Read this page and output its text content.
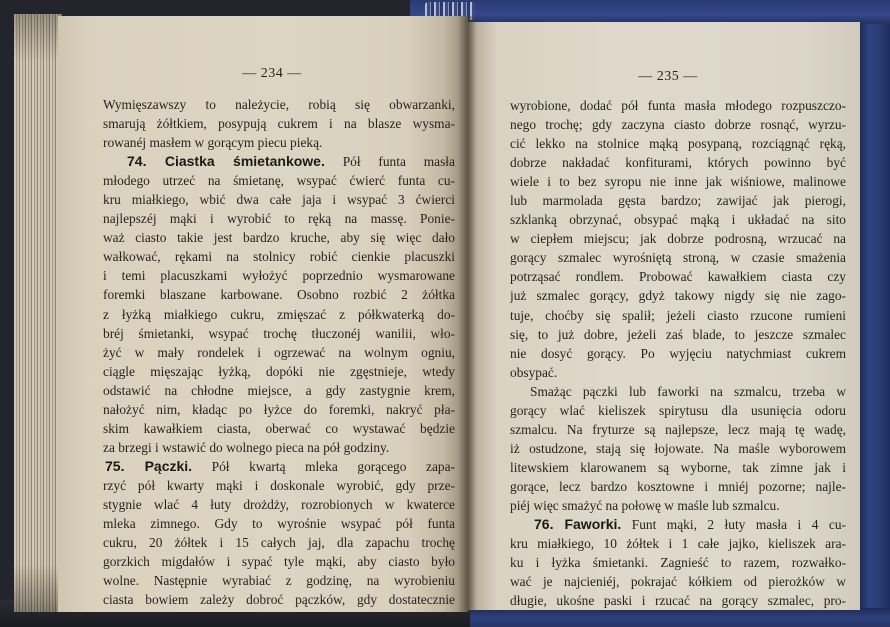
— 234 —	— 235 —
Wymięszawszy to należycie, robią się obwarzanki,
smarują żółtkiem, posypują cukrem i na blasze wysma-
rowanéj masłem w gorącym piecu pieką.
74. Ciastka śmietankowe. Pół funta masła
młodego utrzeć na śmietanę, wsypać ćwierć funta cu-
kru miałkiego, wbić dwa całe jaja i wsypać 3 ćwierci
najlepszéj mąki i wyrobić to ręką na massę. Ponie-
waż ciasto takie jest bardzo kruche, aby się więc dało
wałkować, rękami na stolnicy robić cienkie placuszki
i temi placuszkami wyłożyć poprzednio wysmarowane
foremki blaszane karbowane. Osobno rozbić 2 żółtka
z łyżką miałkiego cukru, zmięszać z półkwaterką do-
bréj śmietanki, wsypać trochę tłuczonéj wanilii, wło-
żyć w mały rondelek i ogrzewać na wolnym ogniu,
ciągle mięszając łyżką, dopóki nie zgęstnieje, wtedy
odstawić na chłodne miejsce, a gdy zastygnie krem,
nałożyć nim, kładąc po łyżce do foremki, nakryć pła-
skim kawałkiem ciasta, oberwać co wystawać będzie
za brzegi i wstawić do wolnego pieca na pół godziny.
75. Pączki. Pół kwartą mleka gorącego zapa-
rzyć pół kwarty mąki i doskonale wyrobić, gdy prze-
stygnie wlać 4 łuty drożdży, rozrobionych w kwaterce
mleka zimnego. Gdy to wyrośnie wsypać pół funta
cukru, 20 żółtek i 15 całych jaj, dla zapachu trochę
gorzkich migdałów i sypać tyle mąki, aby ciasto było
wolne. Następnie wyrabiać z godzinę, na wyrobieniu
ciasta bowiem zależy dobroć pączków, gdy dostatecznie
wyrobione, dodać pół funta masła młodego rozpuszczo-
nego trochę; gdy zaczyna ciasto dobrze rosnąć, wyrzu-
cić lekko na stolnice mąką posypaną, rozciągnąć ręką,
dobrze nakładać konfiturami, których powinno być
wiele i to bez syropu nie inne jak wiśniowe, malinowe
lub marmolada gęsta bardzo; zawijać jak pierogi,
szklanką obrzynać, obsypać mąką i układać na sito
w ciepłem miejscu; jak dobrze podrosną, wrzucać na
gorący szmalec wyrośniętą stroną, w czasie smażenia
potrząsać rondlem. Probować kawałkiem ciasta czy
już szmalec gorący, gdyż takowy nigdy się nie zago-
tuje, choćby się spalił; jeżeli ciasto rzucone rumieni
się, to już dobre, jeżeli zaś blade, to jeszcze szmalec
nie dosyć gorący. Po wyjęciu natychmiast cukrem
obsypać.
Smażąc pączki lub faworki na szmalcu, trzeba w
gorący wlać kieliszek spirytusu dla usunięcia odoru
szmalcu. Na fryturze są najlepsze, lecz mają tę wadę,
iż ostudzone, stają się łojowate. Na maśle wyborowem
litewskiem klarowanem są wyborne, tak zimne jak i
gorące, lecz bardzo kosztowne i mniéj pozorne; najle-
piéj więc smażyć na połowę w maśle lub szmalcu.
76. Faworki. Funt mąki, 2 łuty masła i 4 cu-
kru miałkiego, 10 żółtek i 1 całe jajko, kieliszek ara-
ku i łyżka śmietanki. Zagnieść to razem, rozwałko-
wać je najcieniéj, pokrajać kółkiem od pierożków w
długie, ukośne paski i rzucać na gorący szmalec, pro-
